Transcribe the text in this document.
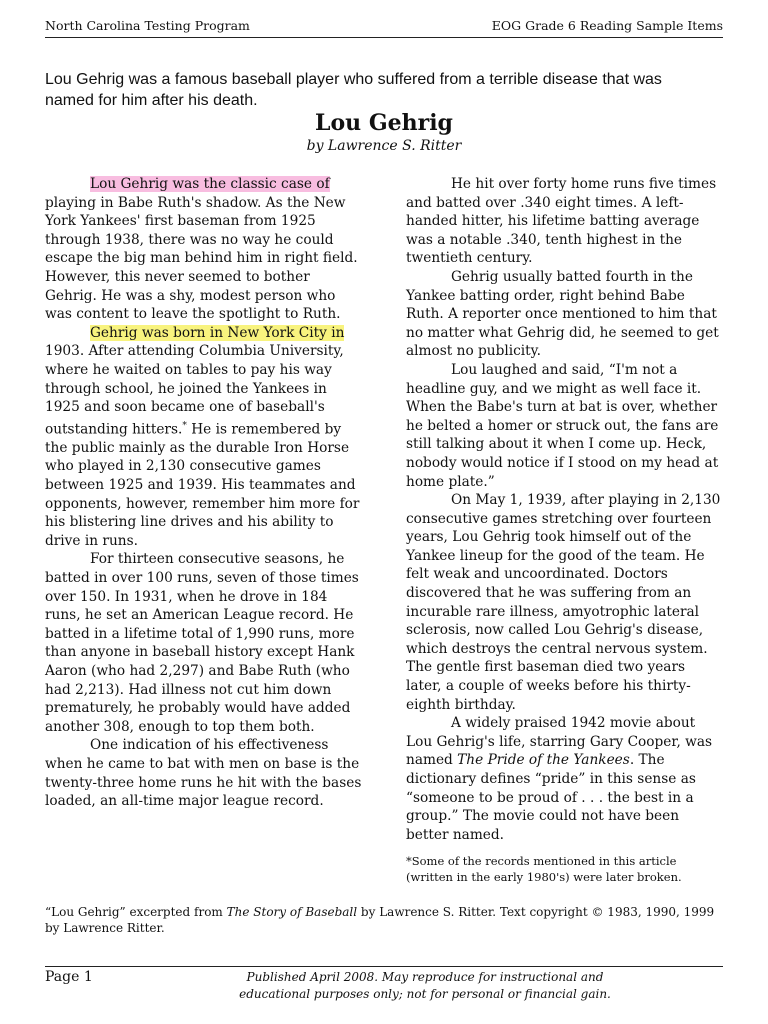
North Carolina Testing Program	EOG Grade 6 Reading Sample Items
Lou Gehrig was a famous baseball player who suffered from a terrible disease that was named for him after his death.
Lou Gehrig
by Lawrence S. Ritter

Lou Gehrig was the classic case of playing in Babe Ruth's shadow. As the New York Yankees' first baseman from 1925 through 1938, there was no way he could escape the big man behind him in right field. However, this never seemed to bother Gehrig. He was a shy, modest person who was content to leave the spotlight to Ruth.

Gehrig was born in New York City in 1903. After attending Columbia University, where he waited on tables to pay his way through school, he joined the Yankees in 1925 and soon became one of baseball's outstanding hitters.* He is remembered by the public mainly as the durable Iron Horse who played in 2,130 consecutive games between 1925 and 1939. His teammates and opponents, however, remember him more for his blistering line drives and his ability to drive in runs.

For thirteen consecutive seasons, he batted in over 100 runs, seven of those times over 150. In 1931, when he drove in 184 runs, he set an American League record. He batted in a lifetime total of 1,990 runs, more than anyone in baseball history except Hank Aaron (who had 2,297) and Babe Ruth (who had 2,213). Had illness not cut him down prematurely, he probably would have added another 308, enough to top them both.

One indication of his effectiveness when he came to bat with men on base is the twenty-three home runs he hit with the bases loaded, an all-time major league record.

He hit over forty home runs five times and batted over .340 eight times. A left-handed hitter, his lifetime batting average was a notable .340, tenth highest in the twentieth century.

Gehrig usually batted fourth in the Yankee batting order, right behind Babe Ruth. A reporter once mentioned to him that no matter what Gehrig did, he seemed to get almost no publicity.

Lou laughed and said, “I'm not a headline guy, and we might as well face it. When the Babe's turn at bat is over, whether he belted a homer or struck out, the fans are still talking about it when I come up. Heck, nobody would notice if I stood on my head at home plate.”

On May 1, 1939, after playing in 2,130 consecutive games stretching over fourteen years, Lou Gehrig took himself out of the Yankee lineup for the good of the team. He felt weak and uncoordinated. Doctors discovered that he was suffering from an incurable rare illness, amyotrophic lateral sclerosis, now called Lou Gehrig's disease, which destroys the central nervous system. The gentle first baseman died two years later, a couple of weeks before his thirty-eighth birthday.

A widely praised 1942 movie about Lou Gehrig's life, starring Gary Cooper, was named The Pride of the Yankees. The dictionary defines “pride” in this sense as “someone to be proud of . . . the best in a group.” The movie could not have been better named.

*Some of the records mentioned in this article (written in the early 1980's) were later broken.
“Lou Gehrig” excerpted from The Story of Baseball by Lawrence S. Ritter. Text copyright © 1983, 1990, 1999 by Lawrence Ritter.
Page 1	Published April 2008. May reproduce for instructional and educational purposes only; not for personal or financial gain.
